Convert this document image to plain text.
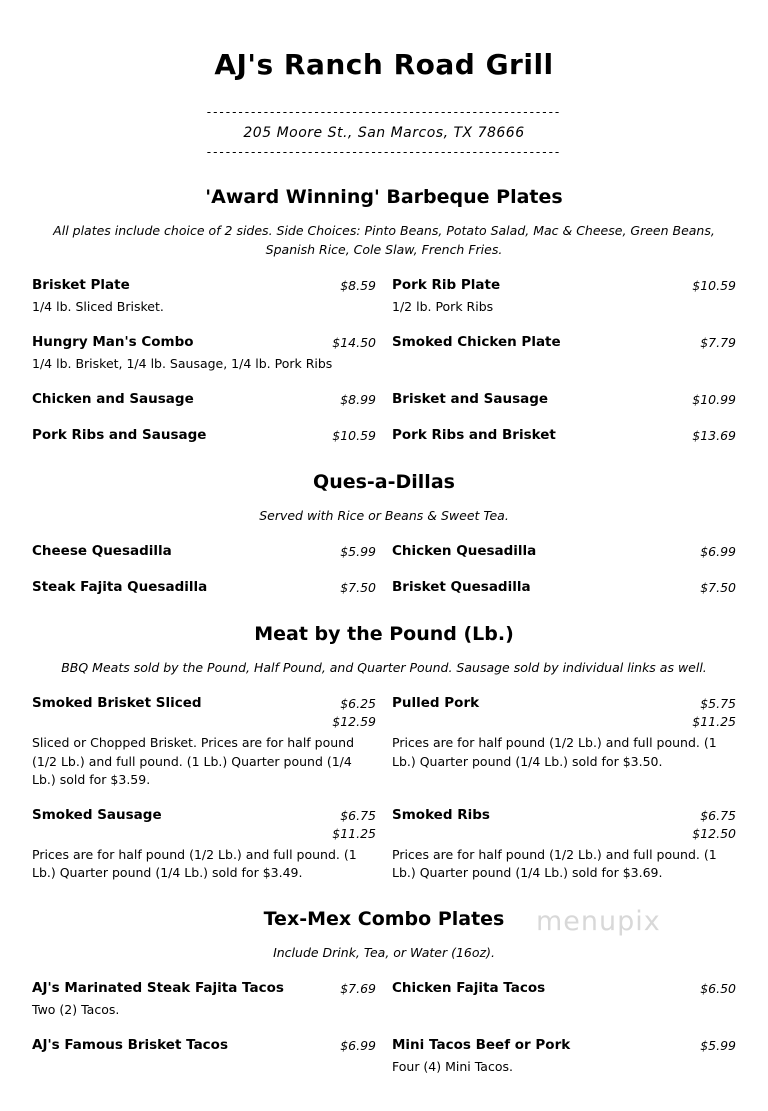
AJ's Ranch Road Grill
--------------------------------------------------------
205 Moore St., San Marcos, TX 78666
--------------------------------------------------------
'Award Winning' Barbeque Plates

All plates include choice of 2 sides. Side Choices: Pinto Beans, Potato Salad, Mac & Cheese, Green Beans, Spanish Rice, Cole Slaw, French Fries.

Brisket Plate	$8.59
1/4 lb. Sliced Brisket.
Pork Rib Plate	$10.59
1/2 lb. Pork Ribs
Hungry Man's Combo	$14.50
1/4 lb. Brisket, 1/4 lb. Sausage, 1/4 lb. Pork Ribs
Smoked Chicken Plate	$7.79
Chicken and Sausage	$8.99 Brisket and Sausage	$10.99
Pork Ribs and Sausage	$10.59 Pork Ribs and Brisket	$13.69
Ques-a-Dillas

Served with Rice or Beans & Sweet Tea.

Cheese Quesadilla	$5.99 Chicken Quesadilla	$6.99
Steak Fajita Quesadilla	$7.50 Brisket Quesadilla	$7.50
Meat by the Pound (Lb.)

BBQ Meats sold by the Pound, Half Pound, and Quarter Pound. Sausage sold by individual links as well.

Smoked Brisket Sliced	$6.25
$12.59
Sliced or Chopped Brisket. Prices are for half pound (1/2 Lb.) and full pound. (1 Lb.) Quarter pound (1/4 Lb.) sold for $3.59.
Pulled Pork	$5.75
$11.25
Prices are for half pound (1/2 Lb.) and full pound. (1 Lb.) Quarter pound (1/4 Lb.) sold for $3.50.
Smoked Sausage	$6.75
$11.25
Prices are for half pound (1/2 Lb.) and full pound. (1 Lb.) Quarter pound (1/4 Lb.) sold for $3.49.
Smoked Ribs	$6.75
$12.50
Prices are for half pound (1/2 Lb.) and full pound. (1 Lb.) Quarter pound (1/4 Lb.) sold for $3.69.
Tex-Mex Combo Plates

Include Drink, Tea, or Water (16oz).

AJ's Marinated Steak Fajita Tacos	$7.69
Two (2) Tacos.
Chicken Fajita Tacos	$6.50
AJ's Famous Brisket Tacos	$6.99 Mini Tacos Beef or Pork	$5.99
Four (4) Mini Tacos.
menupix
